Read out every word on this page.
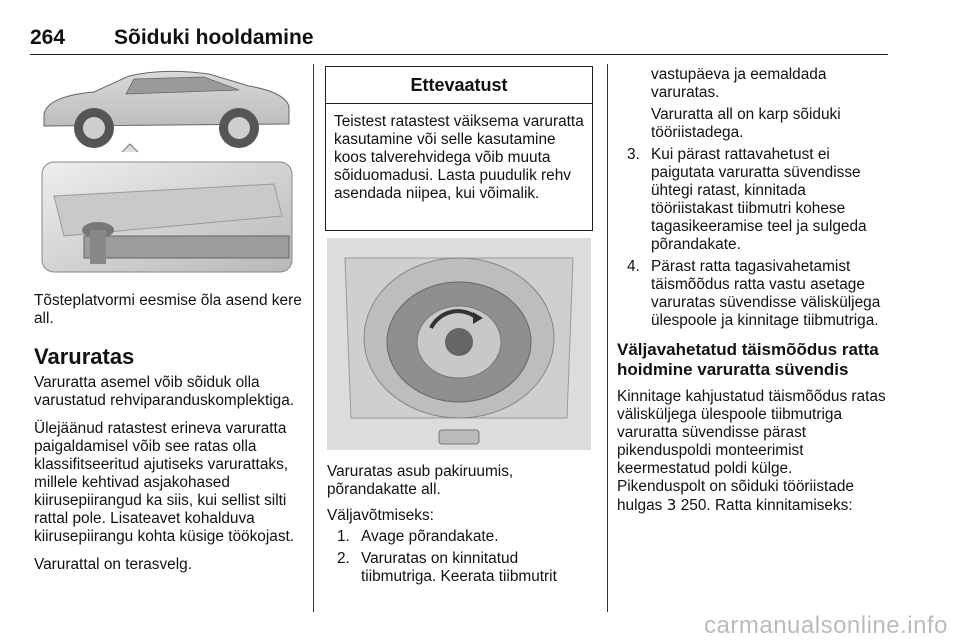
264 Sõiduki hooldamine

Tõsteplatvormi eesmise õla asend kere all.

Varuratas

Varuratta asemel võib sõiduk olla varustatud rehviparanduskomplektiga.

Ülejäänud ratastest erineva varuratta paigaldamisel võib see ratas olla klassifitseeritud ajutiseks varurattaks, millele kehtivad asjakohased kiirusepiirangud ka siis, kui sellist silti rattal pole. Lisateavet kohalduva kiirusepiirangu kohta küsige töökojast.

Varurattal on terasvelg.

Ettevaatust
Teistest ratastest väiksema varuratta kasutamine või selle kasutamine koos talverehvidega võib muuta sõiduomadusi. Lasta puudulik rehv asendada niipea, kui võimalik.

Varuratas asub pakiruumis, põrandakatte all.

Väljavõtmiseks:

1. Avage põrandakate.
2. Varuratas on kinnitatud tiibmutriga. Keerata tiibmutrit
vastupäeva ja eemaldada varuratas.
Varuratta all on karp sõiduki tööriistadega.
3. Kui pärast rattavahetust ei paigutata varuratta süvendisse ühtegi ratast, kinnitada tööriistakast tiibmutri kohese tagasikeeramise teel ja sulgeda põrandakate.
4. Pärast ratta tagasivahetamist täismõõdus ratta vastu asetage varuratas süvendisse välisküljega ülespoole ja kinnitage tiibmutriga.

Väljavahetatud täismõõdus ratta hoidmine varuratta süvendis

Kinnitage kahjustatud täismõõdus ratas välisküljega ülespoole tiibmutriga varuratta süvendisse pärast pikenduspoldi monteerimist keermestatud poldi külge.

Pikenduspolt on sõiduki tööriistade hulgas 3 250. Ratta kinnitamiseks:

carmanualsonline.info
